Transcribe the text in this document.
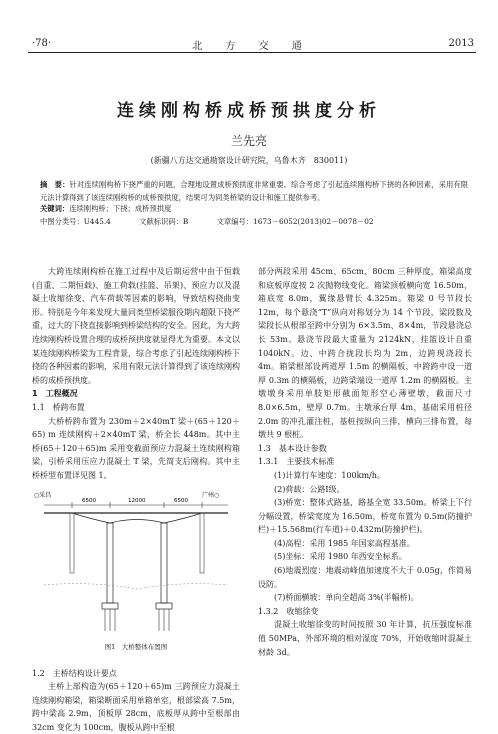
·78·	北 方 交 通	2013
连续刚构桥成桥预拱度分析
兰先亮
(新疆八方达交通勘察设计研究院，乌鲁木齐　830011)
摘　要：针对连续刚构桥下挠严重的问题，合理地设置成桥预拱度非常重要。综合考虑了引起连续刚构桥下挠的各种因素，采用有限元法计算得到了该连续刚构桥的成桥预拱度，结果可为同类桥梁的设计和施工提供参考。
关键词：连续刚构桥；下挠；成桥预拱度
中图分类号：U445.4	文献标识码：B	文章编号：1673－6052(2013)02－0078－02

大跨连续刚构桥在施工过程中及后期运营中由于恒载(自重、二期恒载)、施工荷载(挂篮、吊架)、预应力以及混凝土收缩徐变、汽车荷载等因素的影响，导致结构挠曲变形。特别是今年来发现大量同类型桥梁服役期内超限下挠严重，过大的下挠直接影响到桥梁结构的安全。因此，为大跨连续刚构桥设置合理的成桥预拱度就显得尤为重要。本文以某连续刚构桥梁为工程背景，综合考虑了引起连续刚构桥下挠的各种因素的影响，采用有限元法计算得到了该连续刚构桥的成桥预拱度。

1　工程概况

1.1　桥跨布置

大桥桥跨布置为 230m＋2×40mT 梁＋(65＋120＋65) m 连续刚构＋2×40mT 梁，桥全长 448m。其中主桥(65＋120＋65)m 采用变截面预应力混凝土连续刚构箱梁，引桥采用压应力混凝土 T 梁，先简支后刚构。其中主桥桥型布置详见图 1。

○采昌	广州○
6500	12000	6500
图1　大桥整体布置图

1.2　主桥结构设计要点

主桥上部构造为(65＋120＋65)m 三跨预应力混凝土连续刚构箱梁，箱梁断面采用单箱单室，根部梁高 7.5m，跨中梁高 2.9m，顶板厚 28cm，底板厚从跨中至根部由 32cm 变化为 100cm，腹板从跨中至根

部分两段采用 45cm、65cm、80cm 三种厚度，箱梁高度和底板厚度按 2 次抛物线变化。箱梁顶板横向宽 16.50m，箱底宽 8.0m，翼缘悬臂长 4.325m。箱梁 0 号节段长 12m，每个悬浇“T”纵向对称划分为 14 个节段，梁段数及梁段长从根部至跨中分别为 6×3.5m、8×4m，节段悬浇总长 53m。悬浇节段最大重量为 2124kN，挂篮设计自重 1040kN。边、中跨合拢段长均为 2m，边跨现浇段长 4m。箱梁根部设两道厚 1.5m 的横隔板，中跨跨中设一道厚 0.3m 的横隔板，边跨梁端设一道厚 1.2m 的横隔板。主墩墩身采用单肢矩形截面矩形空心薄壁墩，截面尺寸 8.0×6.5m，壁厚 0.7m。主墩承台厚 4m，基础采用桩径 2.0m 的冲孔灌注桩，基桩按纵向三排，横向三排布置，每墩共 9 根桩。

1.3　基本设计参数

1.3.1　主要技术标准

(1)计算行车速度：100km/h。

(2)荷载：公路Ⅰ级。

(3)桥宽：整体式路基，路基全宽 33.50m。桥梁上下行分幅设置，桥梁宽度为 16.50m，桥宽布置为 0.5m(防撞护栏)＋15.568m(行车道)＋0.432m(防撞护栏)。

(4)高程：采用 1985 年国家高程基准。

(5)坐标：采用 1980 年西安坐标系。

(6)地震烈度：地震动峰值加速度不大于 0.05g，作简易设防。

(7)桥面横坡：单向全超高 3%(半幅桥)。

1.3.2　收缩徐变

混凝土收缩徐变的时间按照 30 年计算，抗压强度标准值 50MPa，外部环境的相对湿度 70%，开始收缩时混凝土材龄 3d。
